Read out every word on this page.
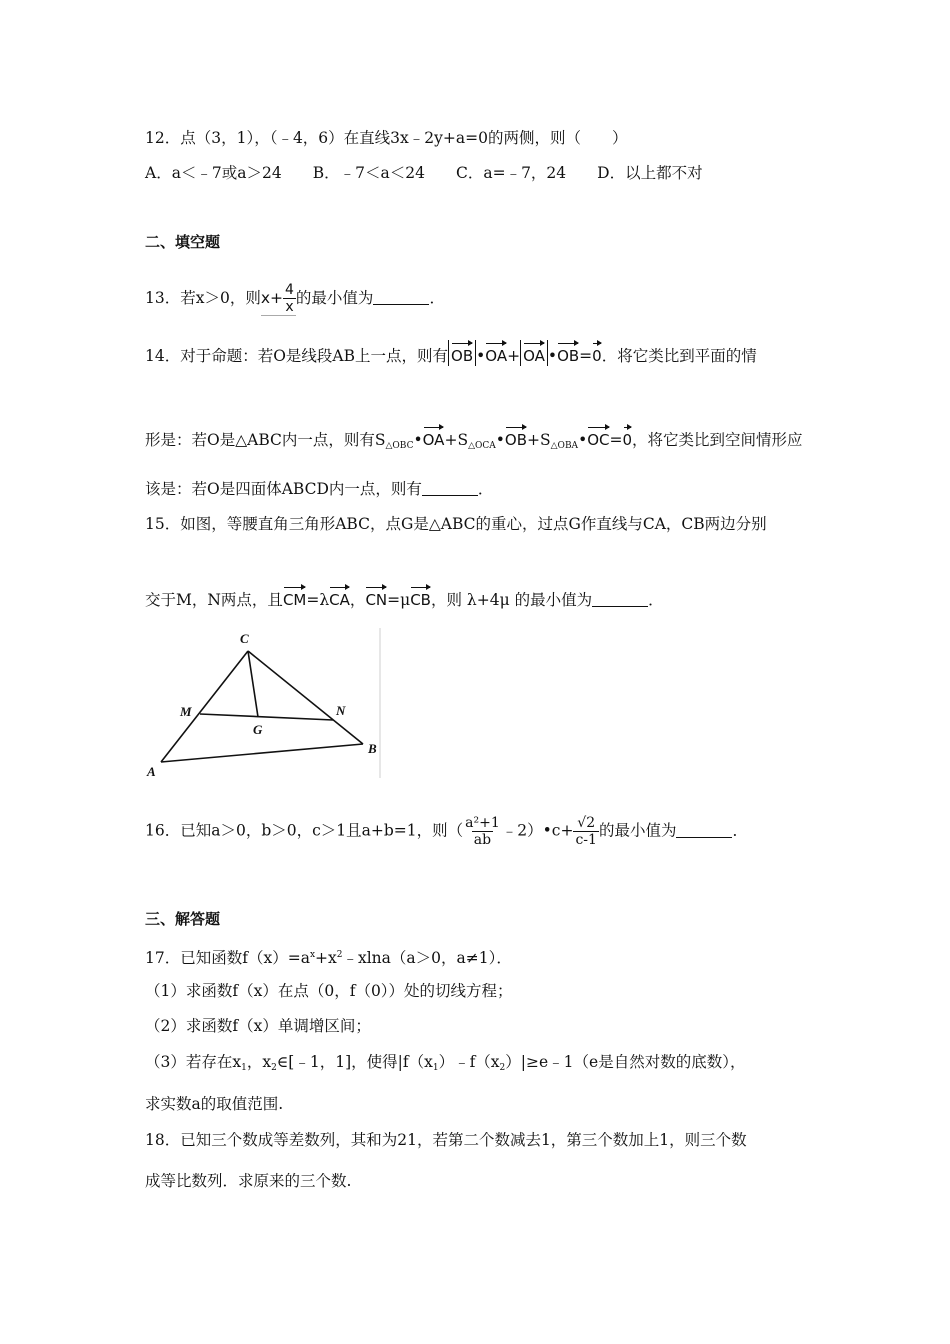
12．点（3，1），（﹣4，6）在直线3x﹣2y+a=0的两侧，则（　　）
A．a＜﹣7或a＞24　　B．﹣7＜a＜24　　C．a=﹣7，24　　D．以上都不对
二、填空题
13．若x＞0，则$x+ \frac{4}{x}$ 的最小值为	．
14．对于命题：若O是线段AB上一点，则有 OB •OA+ OA •OB=0．将它类比到平面的情
形是：若O是△ABC内一点，则有$S_{\triangle OBC}•OA+S_{\triangle OCA}•OB+S_{\triangle OBA}•OC=0$，将它类比到空间情形应
该是：若O是四面体ABCD内一点，则有	．
15．如图，等腰直角三角形ABC，点G是△ABC的重心，过点G作直线与CA，CB两边分别
交于M，N两点，且CM=λCA，CN=μCB，则 λ+4μ 的最小值为	．
C
M	N
G
B
A
16．已知a＞0，b＞0，c＞1且a+b=1，则（ $\frac{\text{a²+1}}{ab}$ ﹣2）•c+ $\frac{√2}{c-1}$ 的最小值为	．
三、解答题
17．已知函数$f(x)=a^x+x^2﹣xlna(a>0$，a≠1）．
（1）求函数f（x）在点（0，f（0））处的切线方程；
（2）求函数f（x）单调增区间；
（3）若存在$x_1$，$x_2\in[﹣1$，1]，使得$|f(x_1)﹣f(x_2)|\ge e﹣1(e$是自然对数的底数），
求实数a的取值范围.
18．已知三个数成等差数列，其和为21，若第二个数减去1，第三个数加上1，则三个数
成等比数列．求原来的三个数.
